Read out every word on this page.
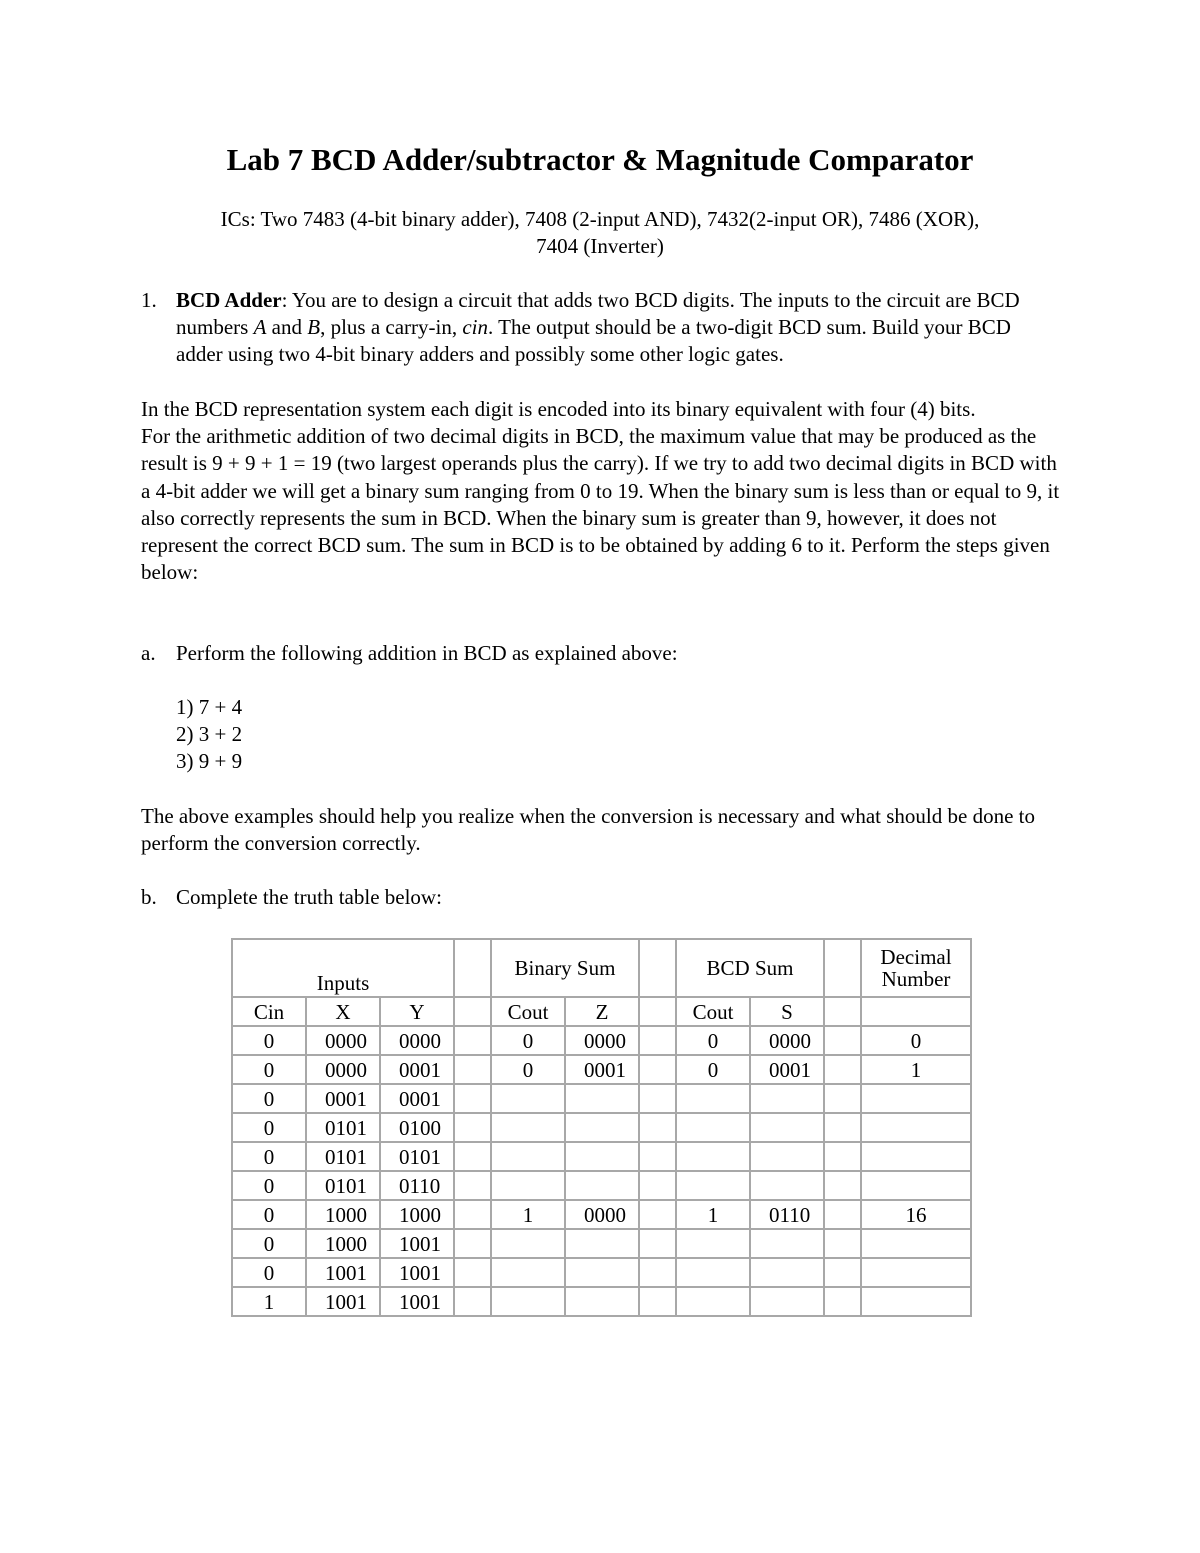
Lab 7 BCD Adder/subtractor & Magnitude Comparator
ICs: Two 7483 (4-bit binary adder), 7408 (2-input AND), 7432(2-input OR), 7486 (XOR),
7404 (Inverter)
1. BCD Adder: You are to design a circuit that adds two BCD digits. The inputs to the circuit are BCD numbers A and B, plus a carry-in, cin. The output should be a two-digit BCD sum. Build your BCD adder using two 4-bit binary adders and possibly some other logic gates.
In the BCD representation system each digit is encoded into its binary equivalent with four (4) bits.
For the arithmetic addition of two decimal digits in BCD, the maximum value that may be produced as the result is 9 + 9 + 1 = 19 (two largest operands plus the carry). If we try to add two decimal digits in BCD with a 4-bit adder we will get a binary sum ranging from 0 to 19. When the binary sum is less than or equal to 9, it also correctly represents the sum in BCD. When the binary sum is greater than 9, however, it does not represent the correct BCD sum. The sum in BCD is to be obtained by adding 6 to it. Perform the steps given below:
a. Perform the following addition in BCD as explained above:
1) 7 + 4
2) 3 + 2
3) 9 + 9
The above examples should help you realize when the conversion is necessary and what should be done to perform the conversion correctly.
b. Complete the truth table below:
Inputs				Binary Sum			BCD Sum			Decimal
Number

Cin	X	Y		Cout	Z		Cout	S		
0	0000	0000		0	0000		0	0000		0
0	0000	0001		0	0001		0	0001		1
0	0001	0001								
0	0101	0100								
0	0101	0101								
0	0101	0110								
0	1000	1000		1	0000		1	0110		16
0	1000	1001								
0	1001	1001								
1	1001	1001								
